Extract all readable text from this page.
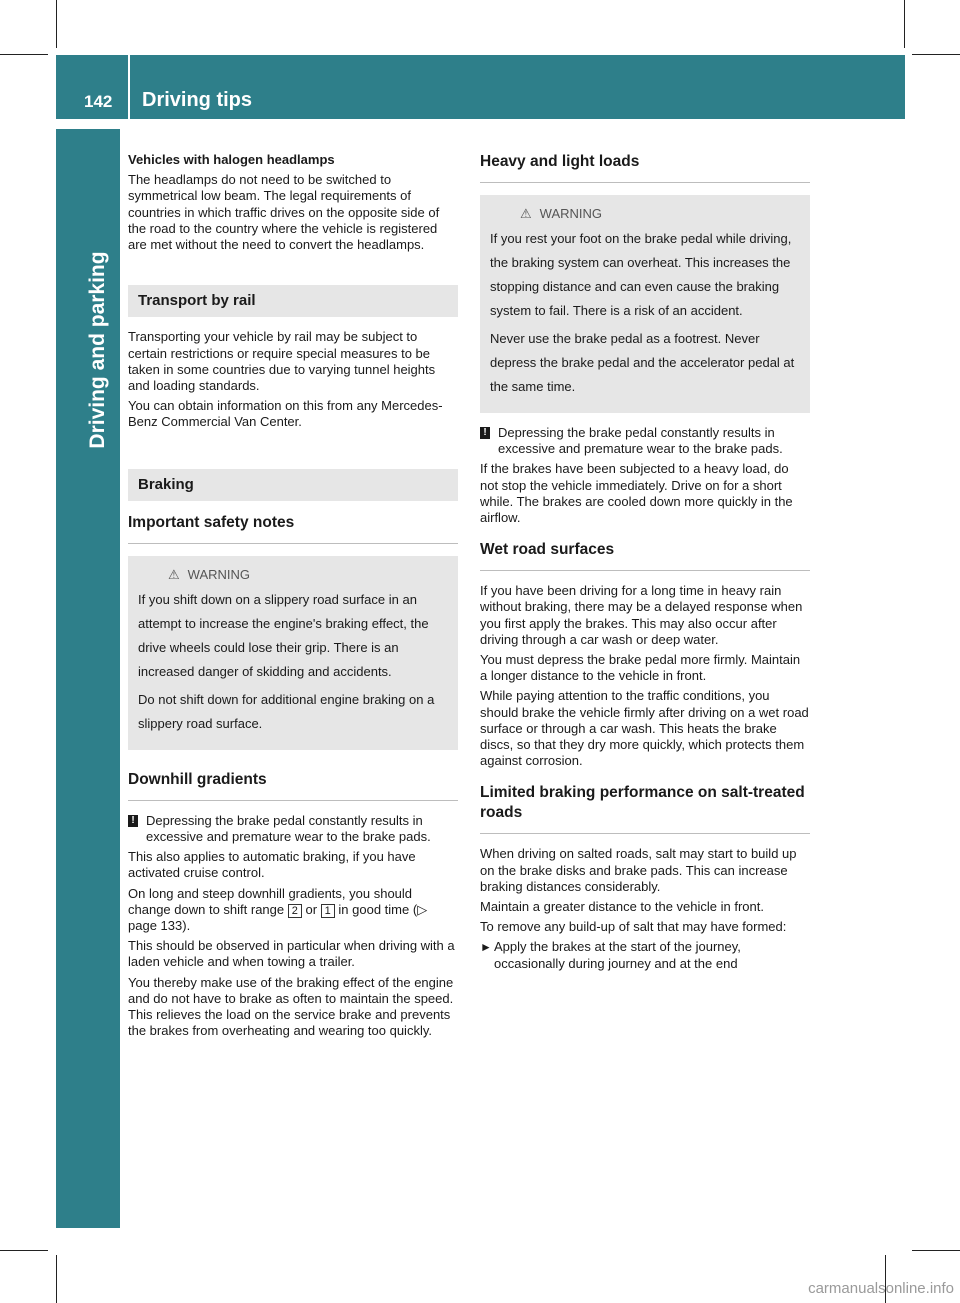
142 Driving tips
Driving and parking

Vehicles with halogen headlamps

The headlamps do not need to be switched to symmetrical low beam. The legal requirements of countries in which traffic drives on the opposite side of the road to the country where the vehicle is registered are met without the need to convert the headlamps.

Transport by rail

Transporting your vehicle by rail may be subject to certain restrictions or require special measures to be taken in some countries due to varying tunnel heights and loading standards.

You can obtain information on this from any Mercedes-Benz Commercial Van Center.

Braking
Important safety notes
⚠ WARNING

If you shift down on a slippery road surface in an attempt to increase the engine's braking effect, the drive wheels could lose their grip. There is an increased danger of skidding and accidents.

Do not shift down for additional engine braking on a slippery road surface.

Downhill gradients
! Depressing the brake pedal constantly results in excessive and premature wear to the brake pads.

This also applies to automatic braking, if you have activated cruise control.

On long and steep downhill gradients, you should change down to shift range 2 or 1 in good time (▷ page 133).

This should be observed in particular when driving with a laden vehicle and when towing a trailer.

You thereby make use of the braking effect of the engine and do not have to brake as often to maintain the speed. This relieves the load on the service brake and prevents the brakes from overheating and wearing too quickly.

Heavy and light loads
⚠ WARNING

If you rest your foot on the brake pedal while driving, the braking system can overheat. This increases the stopping distance and can even cause the braking system to fail. There is a risk of an accident.

Never use the brake pedal as a footrest. Never depress the brake pedal and the accelerator pedal at the same time.

! Depressing the brake pedal constantly results in excessive and premature wear to the brake pads.

If the brakes have been subjected to a heavy load, do not stop the vehicle immediately. Drive on for a short while. The brakes are cooled down more quickly in the airflow.

Wet road surfaces

If you have been driving for a long time in heavy rain without braking, there may be a delayed response when you first apply the brakes. This may also occur after driving through a car wash or deep water.

You must depress the brake pedal more firmly. Maintain a longer distance to the vehicle in front.

While paying attention to the traffic conditions, you should brake the vehicle firmly after driving on a wet road surface or through a car wash. This heats the brake discs, so that they dry more quickly, which protects them against corrosion.

Limited braking performance on salt-treated roads

When driving on salted roads, salt may start to build up on the brake disks and brake pads. This can increase braking distances considerably.

Maintain a greater distance to the vehicle in front.

To remove any build-up of salt that may have formed:

► Apply the brakes at the start of the journey, occasionally during journey and at the end
carmanualsonline.info
